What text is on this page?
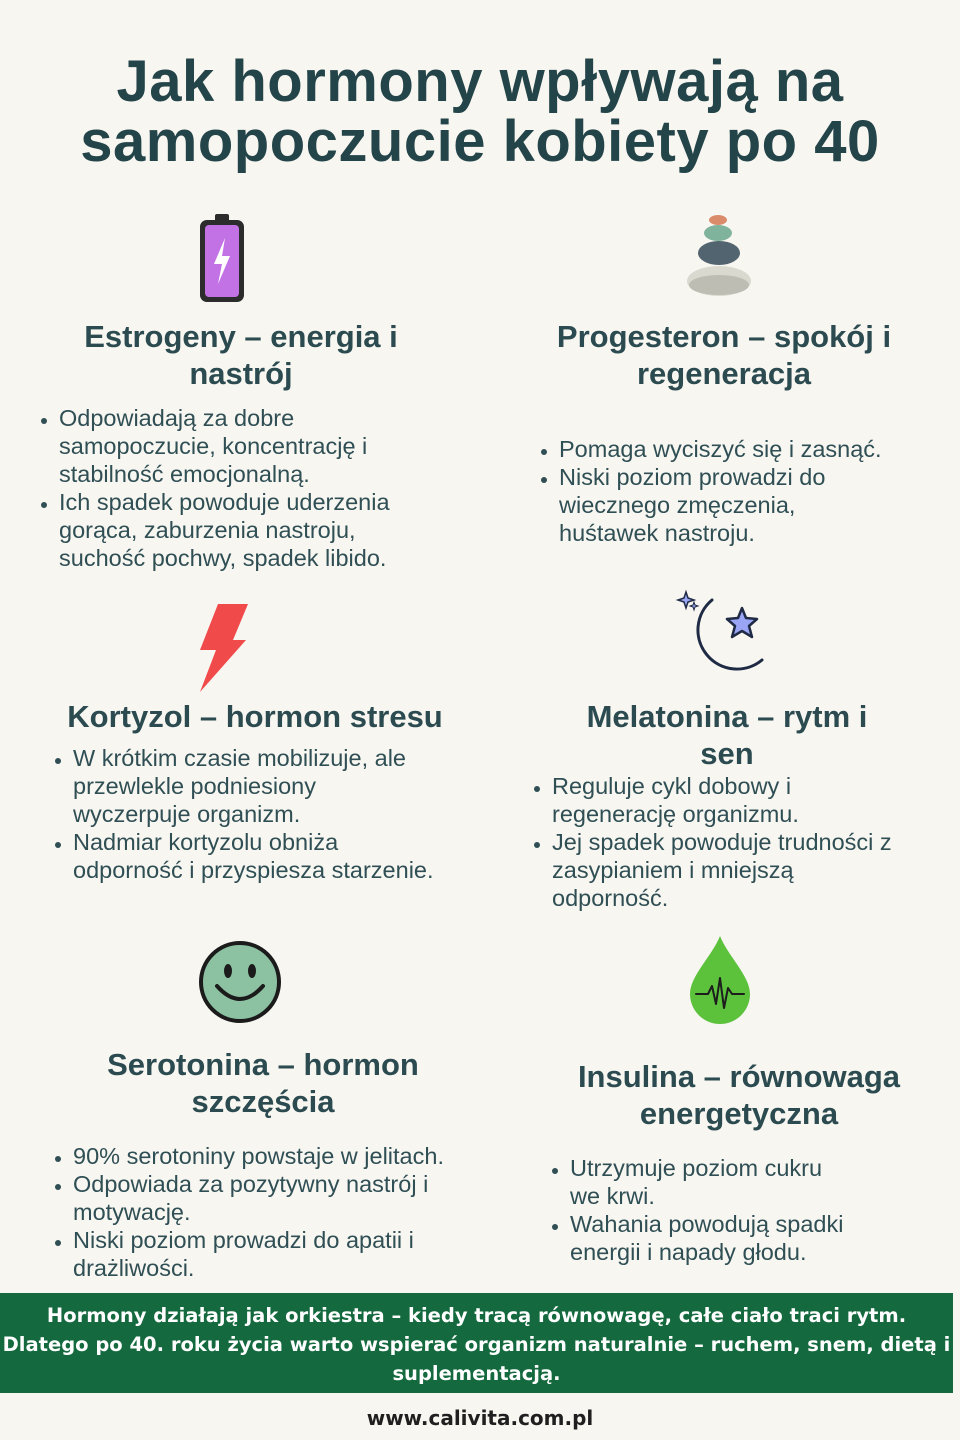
Jak hormony wpływają na
samopoczucie kobiety po 40
Estrogeny – energia i
nastrój
• Odpowiadają za dobre
samopoczucie, koncentrację i
stabilność emocjonalną.
• Ich spadek powoduje uderzenia
gorąca, zaburzenia nastroju,
suchość pochwy, spadek libido.
Progesteron – spokój i
regeneracja
• Pomaga wyciszyć się i zasnąć.
• Niski poziom prowadzi do
wiecznego zmęczenia,
huśtawek nastroju.
Kortyzol – hormon stresu
• W krótkim czasie mobilizuje, ale
przewlekle podniesiony
wyczerpuje organizm.
• Nadmiar kortyzolu obniża
odporność i przyspiesza starzenie.
Melatonina – rytm i
sen
• Reguluje cykl dobowy i
regenerację organizmu.
• Jej spadek powoduje trudności z
zasypianiem i mniejszą
odporność.
Serotonina – hormon
szczęścia
• 90% serotoniny powstaje w jelitach.
• Odpowiada za pozytywny nastrój i
motywację.
• Niski poziom prowadzi do apatii i
drażliwości.
Insulina – równowaga
energetyczna
• Utrzymuje poziom cukru
we krwi.
• Wahania powodują spadki
energii i napady głodu.
Hormony działają jak orkiestra – kiedy tracą równowagę, całe ciało traci rytm.
Dlatego po 40. roku życia warto wspierać organizm naturalnie – ruchem, snem, dietą i
suplementacją.
www.calivita.com.pl
